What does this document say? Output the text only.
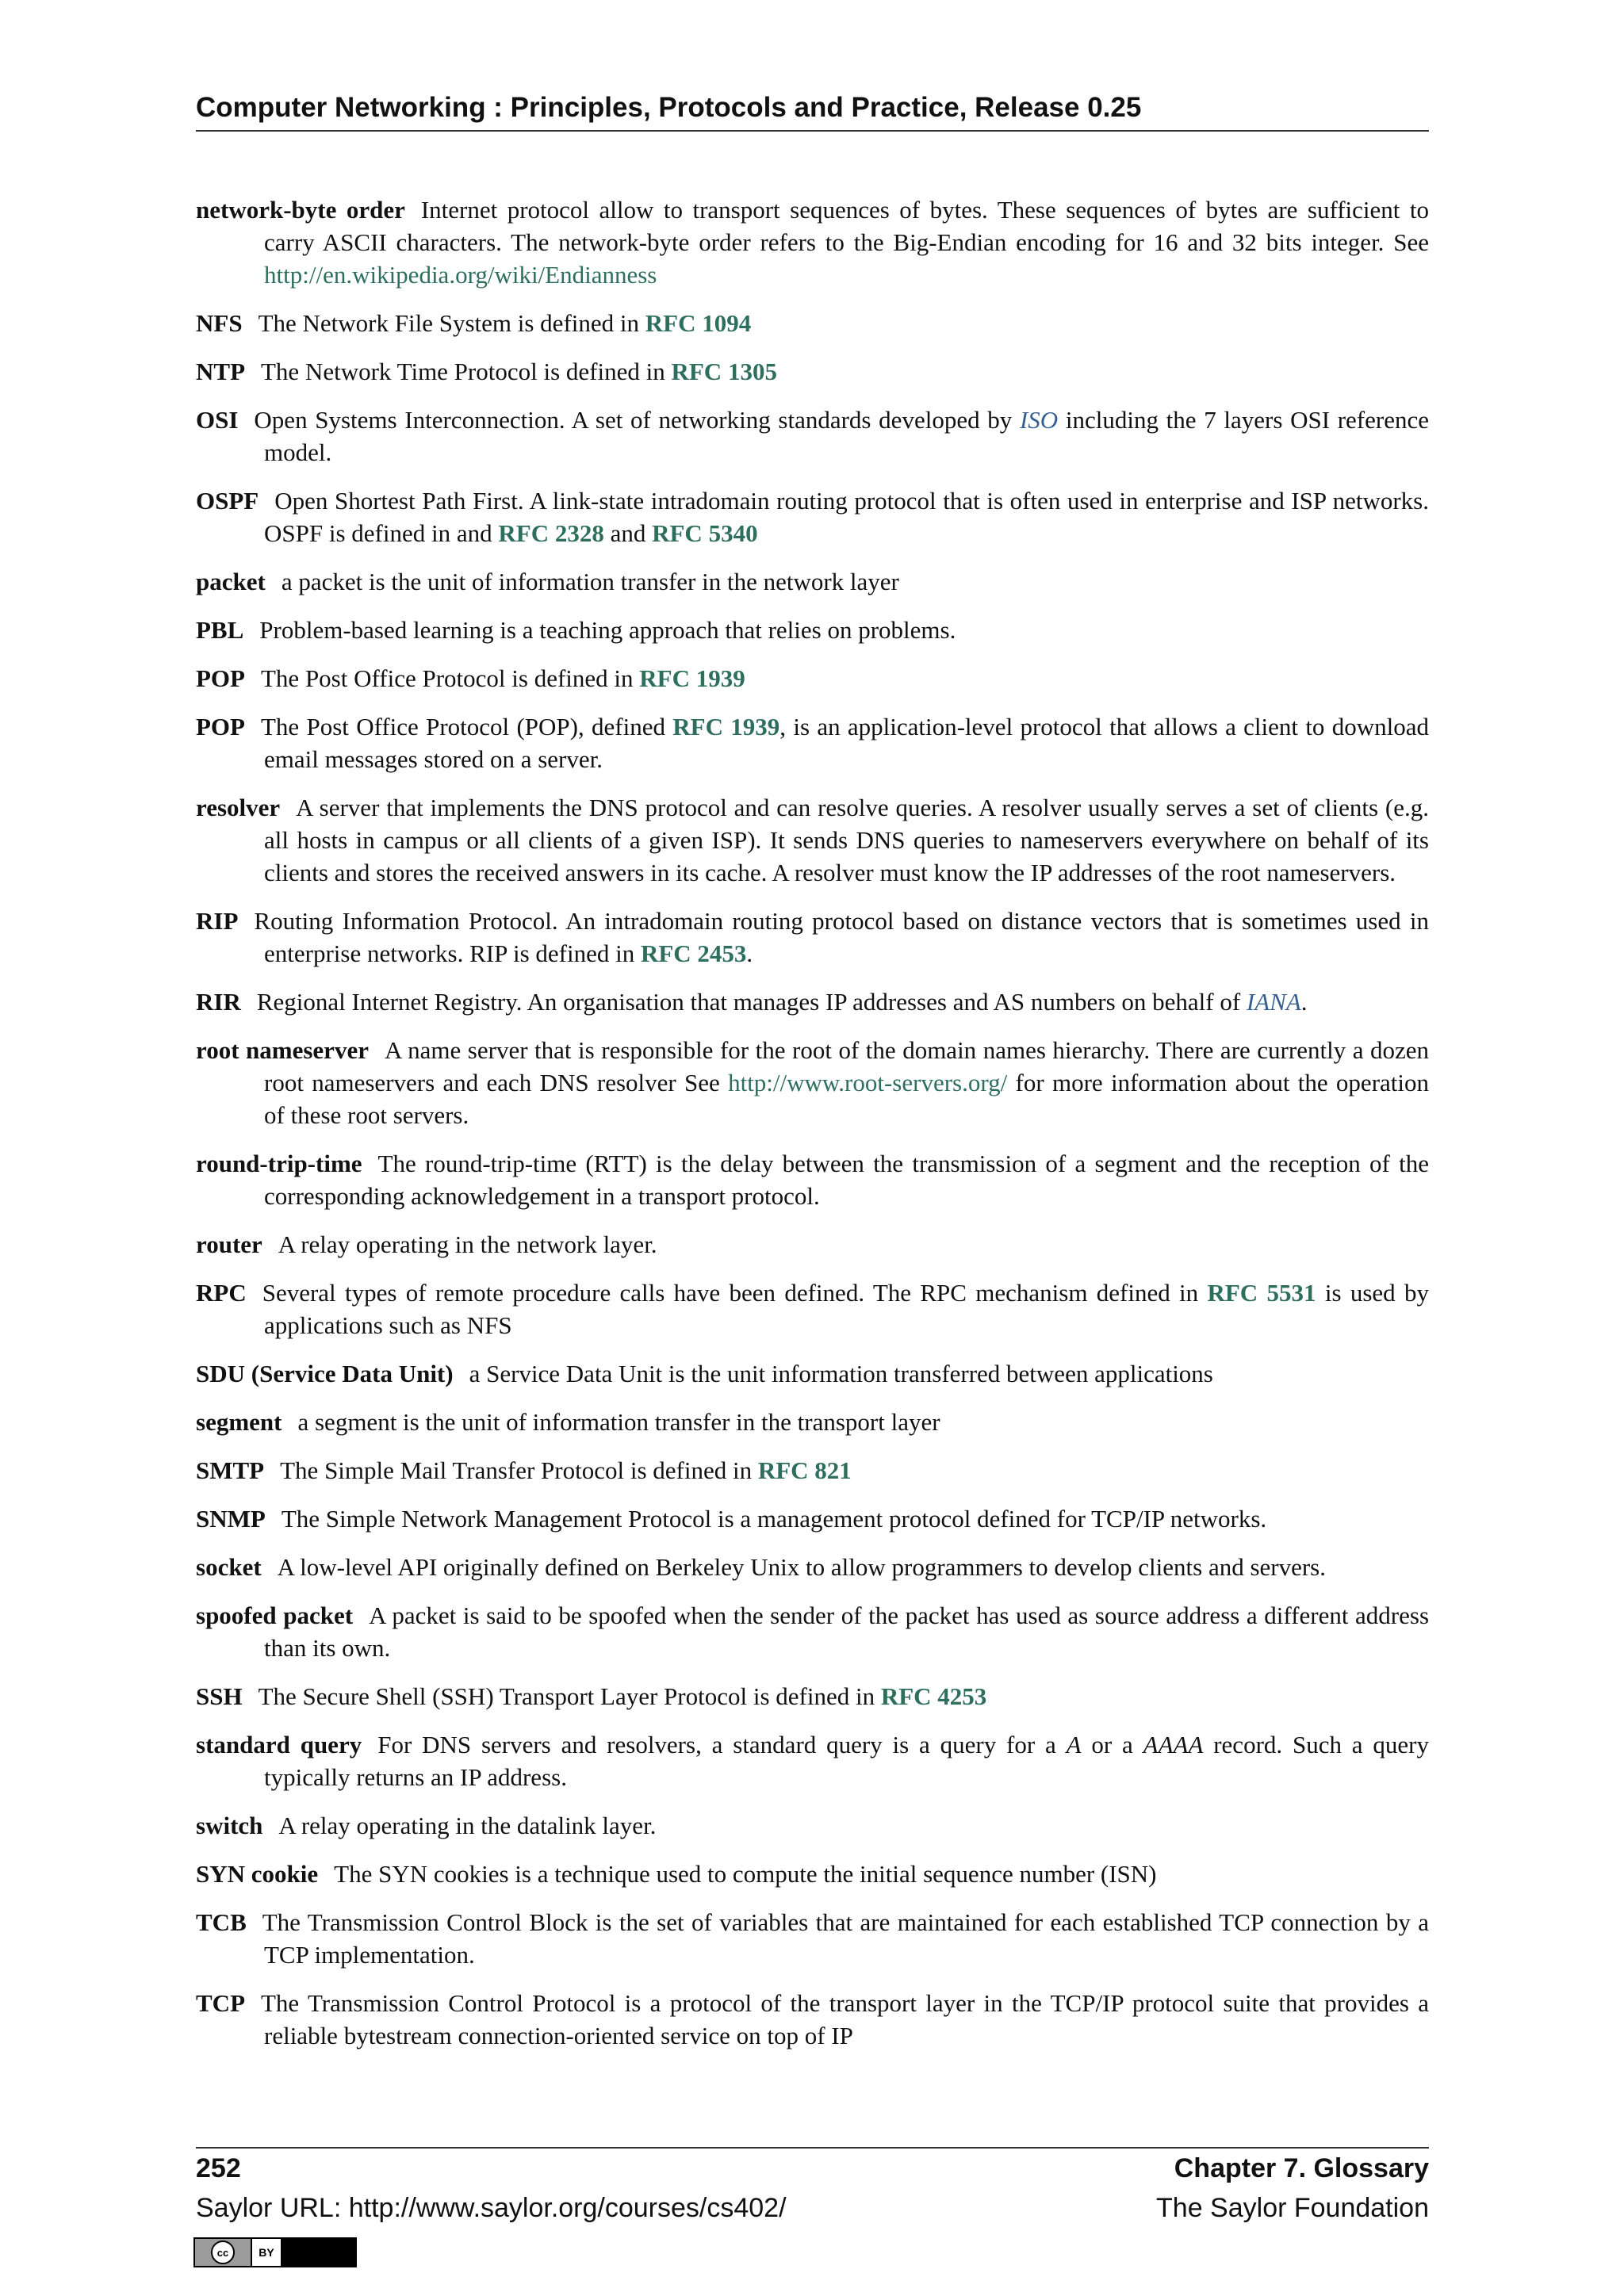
Computer Networking : Principles, Protocols and Practice, Release 0.25
network-byte order Internet protocol allow to transport sequences of bytes. These sequences of bytes are sufficient to carry ASCII characters. The network-byte order refers to the Big-Endian encoding for 16 and 32 bits integer. See http://en.wikipedia.org/wiki/Endianness
NFS The Network File System is defined in RFC 1094
NTP The Network Time Protocol is defined in RFC 1305
OSI Open Systems Interconnection. A set of networking standards developed by ISO including the 7 layers OSI reference model.
OSPF Open Shortest Path First. A link-state intradomain routing protocol that is often used in enterprise and ISP networks. OSPF is defined in and RFC 2328 and RFC 5340
packet a packet is the unit of information transfer in the network layer
PBL Problem-based learning is a teaching approach that relies on problems.
POP The Post Office Protocol is defined in RFC 1939
POP The Post Office Protocol (POP), defined RFC 1939, is an application-level protocol that allows a client to download email messages stored on a server.
resolver A server that implements the DNS protocol and can resolve queries. A resolver usually serves a set of clients (e.g. all hosts in campus or all clients of a given ISP). It sends DNS queries to nameservers everywhere on behalf of its clients and stores the received answers in its cache. A resolver must know the IP addresses of the root nameservers.
RIP Routing Information Protocol. An intradomain routing protocol based on distance vectors that is sometimes used in enterprise networks. RIP is defined in RFC 2453.
RIR Regional Internet Registry. An organisation that manages IP addresses and AS numbers on behalf of IANA.
root nameserver A name server that is responsible for the root of the domain names hierarchy. There are currently a dozen root nameservers and each DNS resolver See http://www.root-servers.org/ for more information about the operation of these root servers.
round-trip-time The round-trip-time (RTT) is the delay between the transmission of a segment and the reception of the corresponding acknowledgement in a transport protocol.
router A relay operating in the network layer.
RPC Several types of remote procedure calls have been defined. The RPC mechanism defined in RFC 5531 is used by applications such as NFS
SDU (Service Data Unit) a Service Data Unit is the unit information transferred between applications
segment a segment is the unit of information transfer in the transport layer
SMTP The Simple Mail Transfer Protocol is defined in RFC 821
SNMP The Simple Network Management Protocol is a management protocol defined for TCP/IP networks.
socket A low-level API originally defined on Berkeley Unix to allow programmers to develop clients and servers.
spoofed packet A packet is said to be spoofed when the sender of the packet has used as source address a different address than its own.
SSH The Secure Shell (SSH) Transport Layer Protocol is defined in RFC 4253
standard query For DNS servers and resolvers, a standard query is a query for a A or a AAAA record. Such a query typically returns an IP address.
switch A relay operating in the datalink layer.
SYN cookie The SYN cookies is a technique used to compute the initial sequence number (ISN)
TCB The Transmission Control Block is the set of variables that are maintained for each established TCP connection by a TCP implementation.
TCP The Transmission Control Protocol is a protocol of the transport layer in the TCP/IP protocol suite that provides a reliable bytestream connection-oriented service on top of IP
252	Chapter 7. Glossary
Saylor URL: http://www.saylor.org/courses/cs402/	The Saylor Foundation
cc	BY
